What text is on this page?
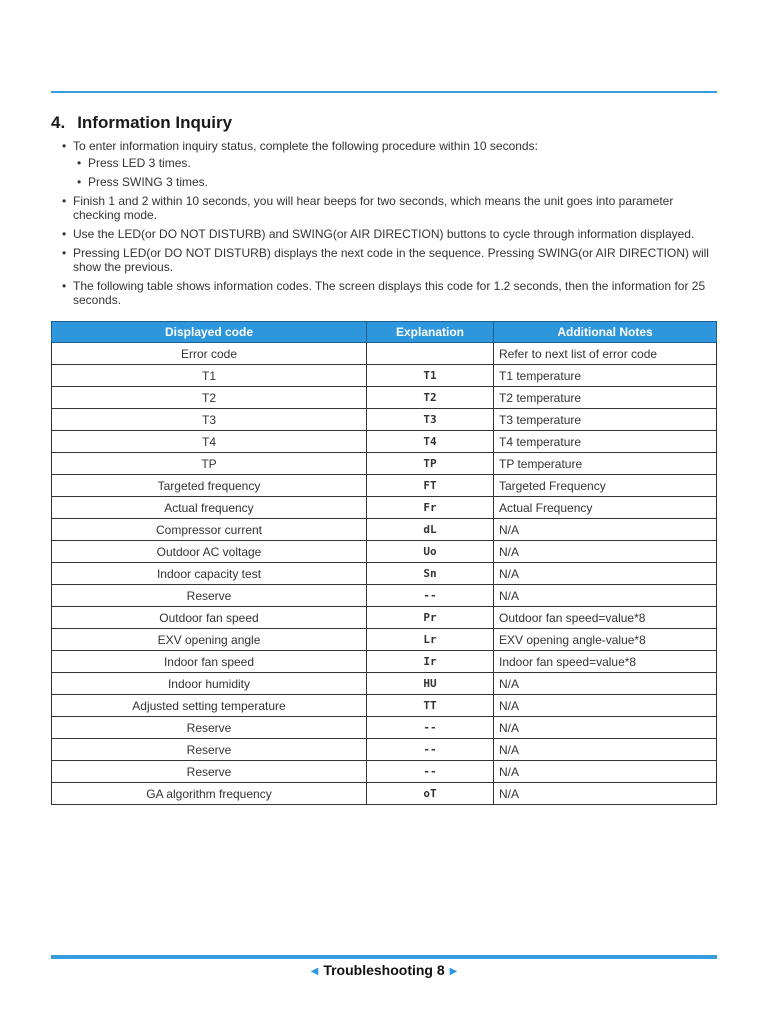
4. Information Inquiry
• To enter information inquiry status, complete the following procedure within 10 seconds:
• Press LED 3 times.
• Press SWING 3 times.
• Finish 1 and 2 within 10 seconds, you will hear beeps for two seconds, which means the unit goes into parameter checking mode.
• Use the LED(or DO NOT DISTURB) and SWING(or AIR DIRECTION) buttons to cycle through information displayed.
• Pressing LED(or DO NOT DISTURB) displays the next code in the sequence. Pressing SWING(or AIR DIRECTION) will show the previous.
• The following table shows information codes. The screen displays this code for 1.2 seconds, then the information for 25 seconds.
Displayed code	Explanation	Additional Notes
Error code		Refer to next list of error code
T1	T1	T1 temperature
T2	T2	T2 temperature
T3	T3	T3 temperature
T4	T4	T4 temperature
TP	TP	TP temperature
Targeted frequency	FT	Targeted Frequency
Actual frequency	Fr	Actual Frequency
Compressor current	dL	N/A
Outdoor AC voltage	Uo	N/A
Indoor capacity test	Sn	N/A
Reserve	--	N/A
Outdoor fan speed	Pr	Outdoor fan speed=value*8
EXV opening angle	Lr	EXV opening angle-value*8
Indoor fan speed	Ir	Indoor fan speed=value*8
Indoor humidity	HU	N/A
Adjusted setting temperature	TT	N/A
Reserve	--	N/A
Reserve	--	N/A
Reserve	--	N/A
GA algorithm frequency	oT	N/A
◀ Troubleshooting 8 ▶
